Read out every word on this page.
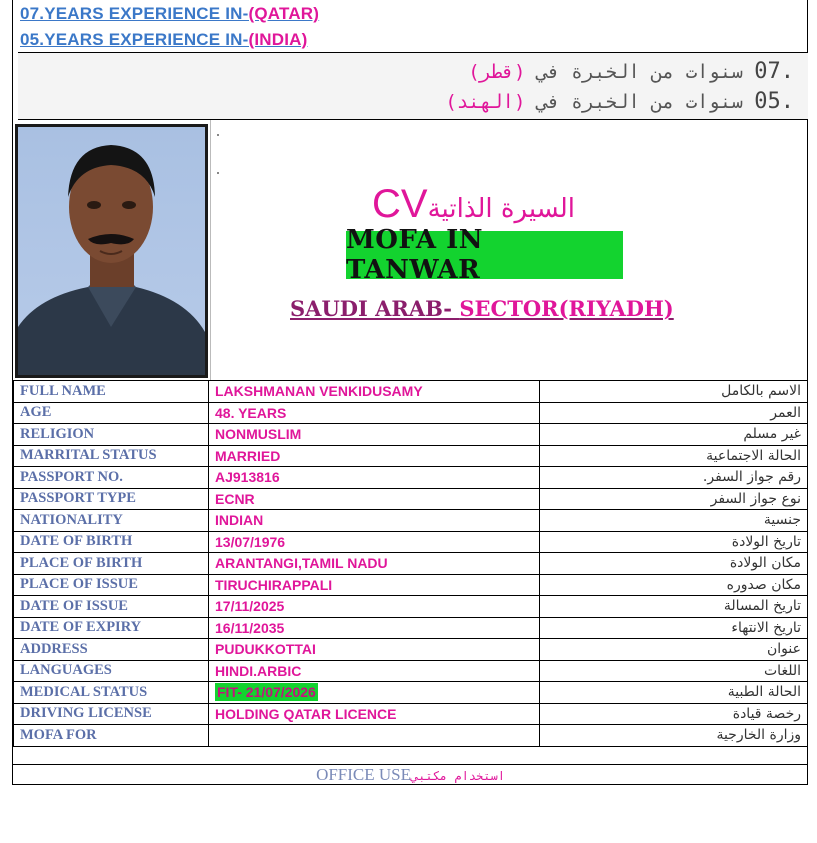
07.YEARS EXPERIENCE IN-(QATAR)
05.YEARS EXPERIENCE IN-(INDIA)
(قطر) سنوات من الخبرة في 07.
(الهند) سنوات من الخبرة في 05.
CVالسيرة الذاتية
MOFA IN TANWAR
SAUDI ARAB- SECTOR(RIYADH)
FULL NAME	LAKSHMANAN VENKIDUSAMY	الاسم بالكامل
AGE	48. YEARS	العمر
RELIGION	NONMUSLIM	غير مسلم
MARRITAL STATUS	MARRIED	الحالة الاجتماعية
PASSPORT NO.	AJ913816	رقم جواز السفر.
PASSPORT TYPE	ECNR	نوع جواز السفر
NATIONALITY	INDIAN	جنسية
DATE OF BIRTH	13/07/1976	تاريخ الولادة
PLACE OF BIRTH	ARANTANGI,TAMIL NADU	مكان الولادة
PLACE OF ISSUE	TIRUCHIRAPPALI	مكان صدوره
DATE OF ISSUE	17/11/2025	تاريخ المسالة
DATE OF EXPIRY	16/11/2035	تاريخ الانتهاء
ADDRESS	PUDUKKOTTAI	عنوان
LANGUAGES	HINDI.ARBIC	اللغات
MEDICAL STATUS	FIT- 21/07/2026	الحالة الطبية
DRIVING LICENSE	HOLDING QATAR LICENCE	رخصة قيادة
MOFA FOR		وزارة الخارجية
OFFICE USEاستخدام مكتبي
